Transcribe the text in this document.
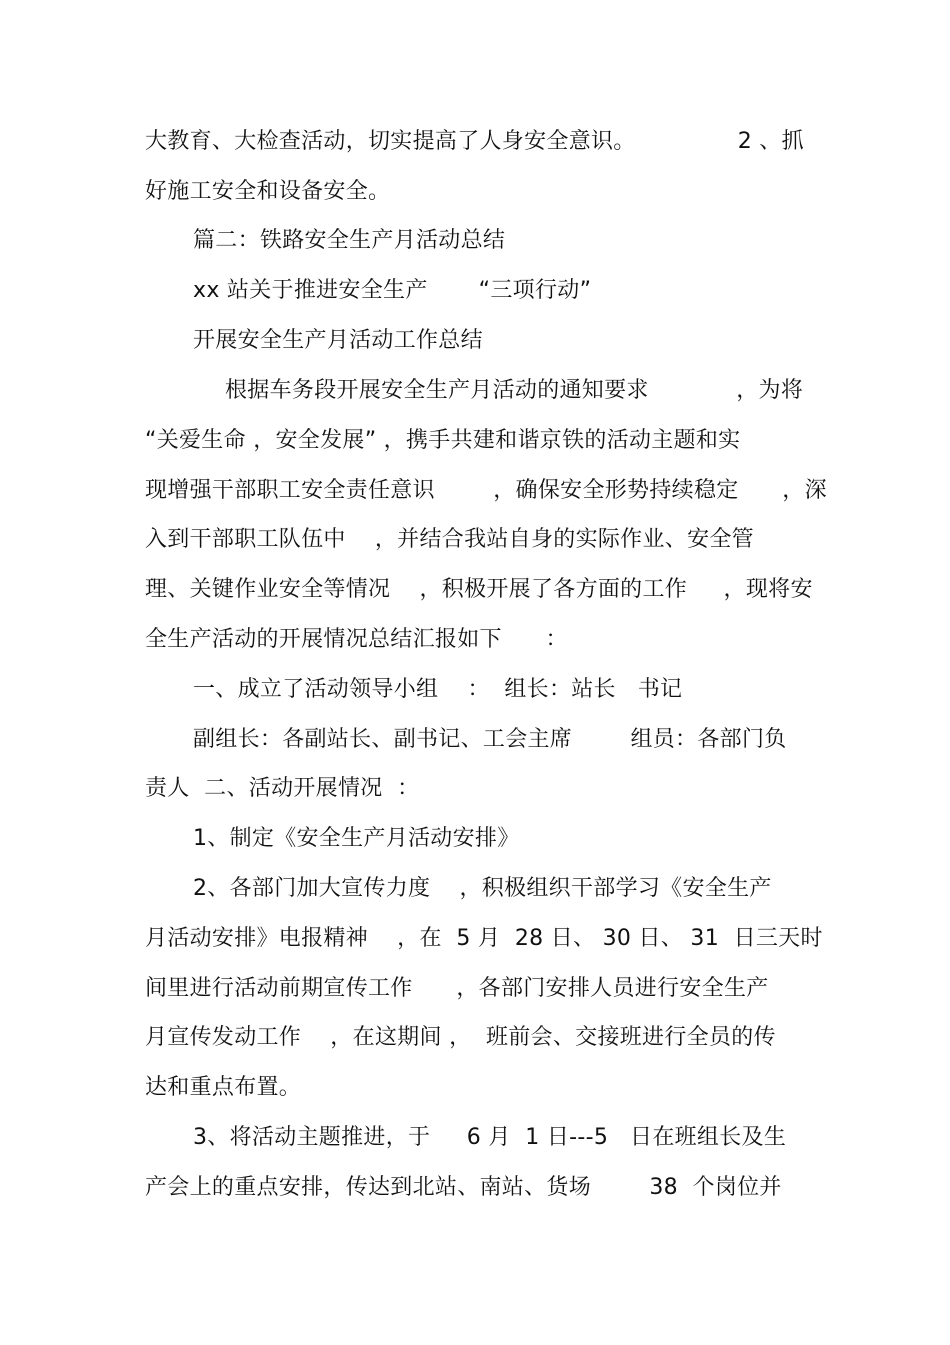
大教育、大检查活动，切实提高了人身安全意识。              2 、抓
好施工安全和设备安全。
篇二：铁路安全生产月活动总结
xx 站关于推进安全生产       “三项行动”
开展安全生产月活动工作总结
根据车务段开展安全生产月活动的通知要求            ，为将
“关爱生命 ，安全发展” ，携手共建和谐京铁的活动主题和实
现增强干部职工安全责任意识        ，确保安全形势持续稳定      ，深
入到干部职工队伍中    ，并结合我站自身的实际作业、安全管
理、关键作业安全等情况    ，积极开展了各方面的工作     ，现将安
全生产活动的开展情况总结汇报如下      ：
一、成立了活动领导小组    ：  组长：站长   书记
副组长：各副站长、副书记、工会主席        组员：各部门负
责人  二、活动开展情况  ：
1、制定《安全生产月活动安排》
2、各部门加大宣传力度    ，积极组织干部学习《安全生产
月活动安排》电报精神    ，在  5 月  28 日、 30 日、 31  日三天时
间里进行活动前期宣传工作      ，各部门安排人员进行安全生产
月宣传发动工作    ，在这期间 ，  班前会、交接班进行全员的传
达和重点布置。
3、将活动主题推进，于     6 月  1 日---5   日在班组长及生
产会上的重点安排，传达到北站、南站、货场        38  个岗位并
